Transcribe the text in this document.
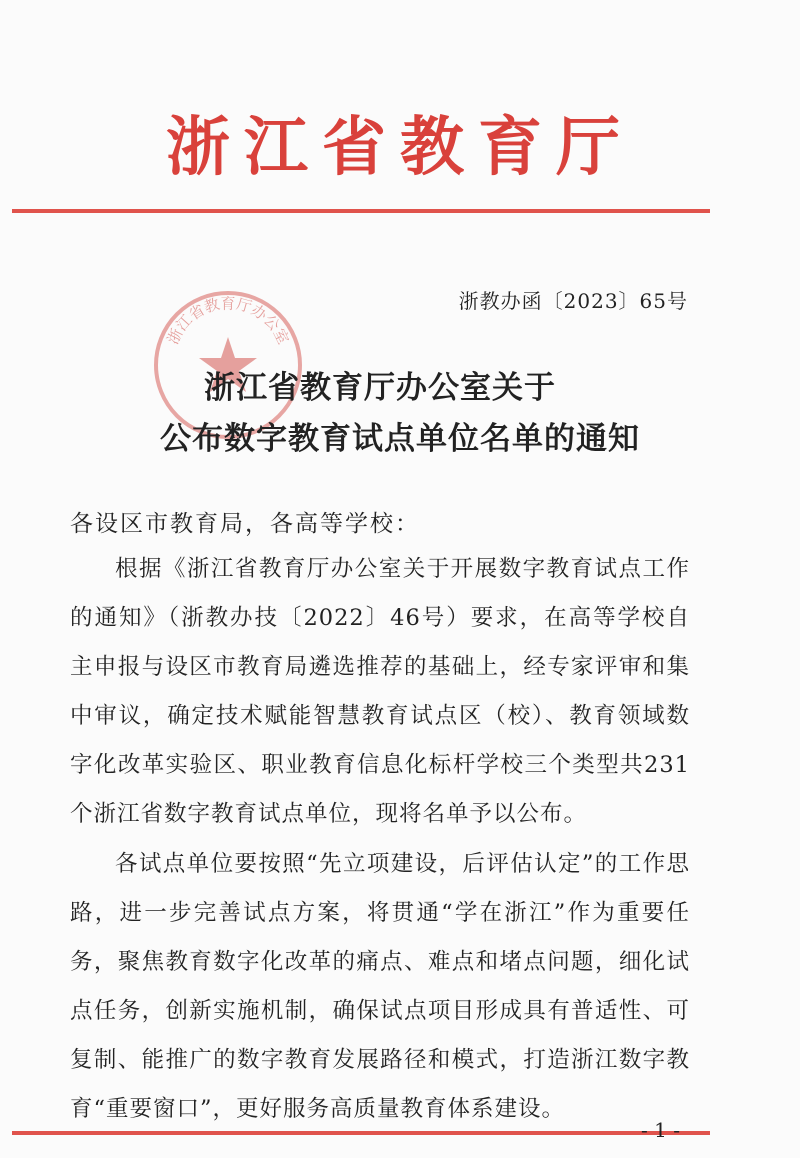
浙江省教育厅
浙教办函〔2023〕65号
浙江省教育厅办公室
浙江省教育厅办公室关于
公布数字教育试点单位名单的通知
各设区市教育局，各高等学校：
根据《浙江省教育厅办公室关于开展数字教育试点工作的通知》（浙教办技〔2022〕46号）要求，在高等学校自主申报与设区市教育局遴选推荐的基础上，经专家评审和集中审议，确定技术赋能智慧教育试点区（校）、教育领域数字化改革实验区、职业教育信息化标杆学校三个类型共231个浙江省数字教育试点单位，现将名单予以公布。
各试点单位要按照“先立项建设，后评估认定”的工作思路，进一步完善试点方案，将贯通“学在浙江”作为重要任务，聚焦教育数字化改革的痛点、难点和堵点问题，细化试点任务，创新实施机制，确保试点项目形成具有普适性、可复制、能推广的数字教育发展路径和模式，打造浙江数字教育“重要窗口”，更好服务高质量教育体系建设。
- 1 -
